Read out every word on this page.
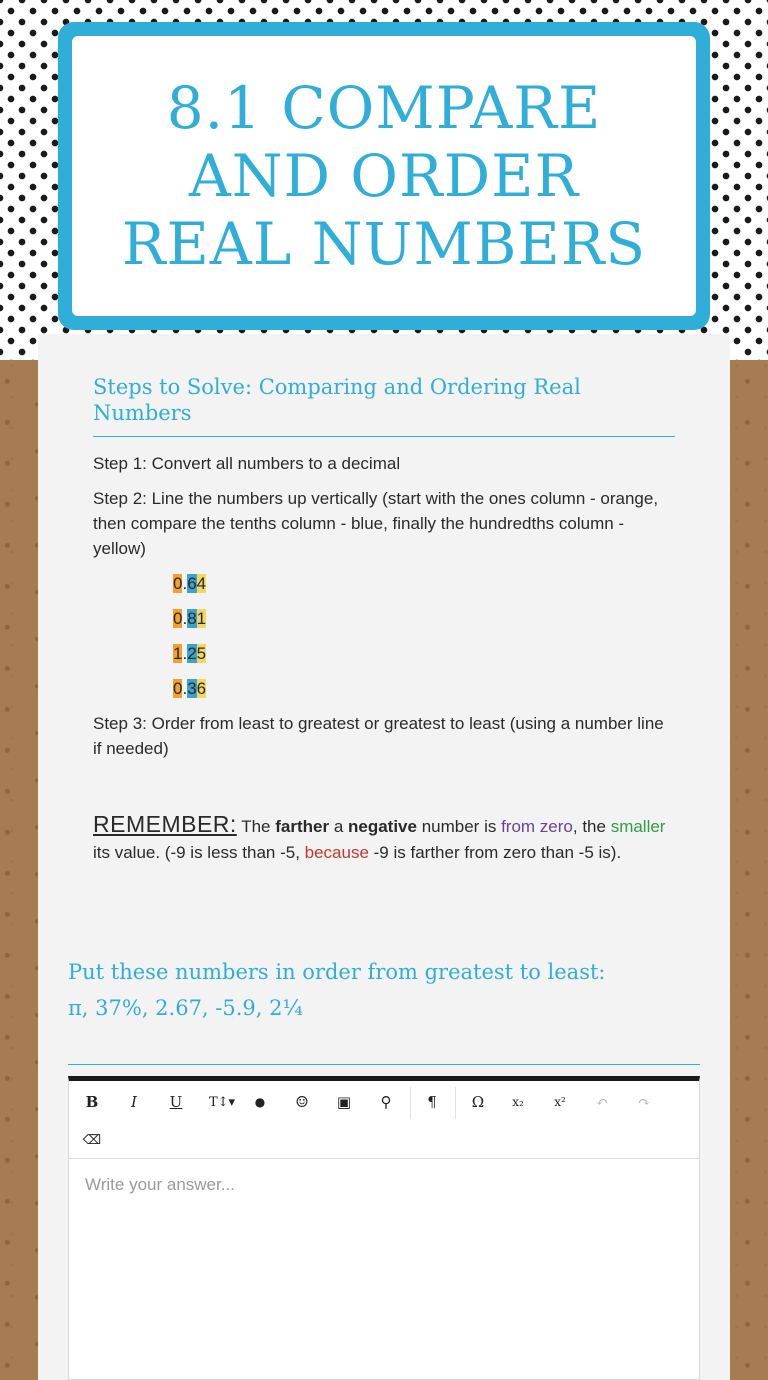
8.1 COMPARE AND ORDER REAL NUMBERS
Steps to Solve: Comparing and Ordering Real Numbers
Step 1: Convert all numbers to a decimal
Step 2: Line the numbers up vertically (start with the ones column - orange, then compare the tenths column - blue, finally the hundredths column - yellow)
0.64
0.81
1.25
0.36
Step 3: Order from least to greatest or greatest to least (using a number line if needed)
REMEMBER: The farther a negative number is from zero, the smaller its value. (-9 is less than -5, because -9 is farther from zero than -5 is).
Put these numbers in order from greatest to least:
π, 37%, 2.67, -5.9, 2¼
B	I	U	T↕▾	●	☺	▣	⚲	¶	Ω	x₂	x²	↶	↷
⌫
Write your answer...
